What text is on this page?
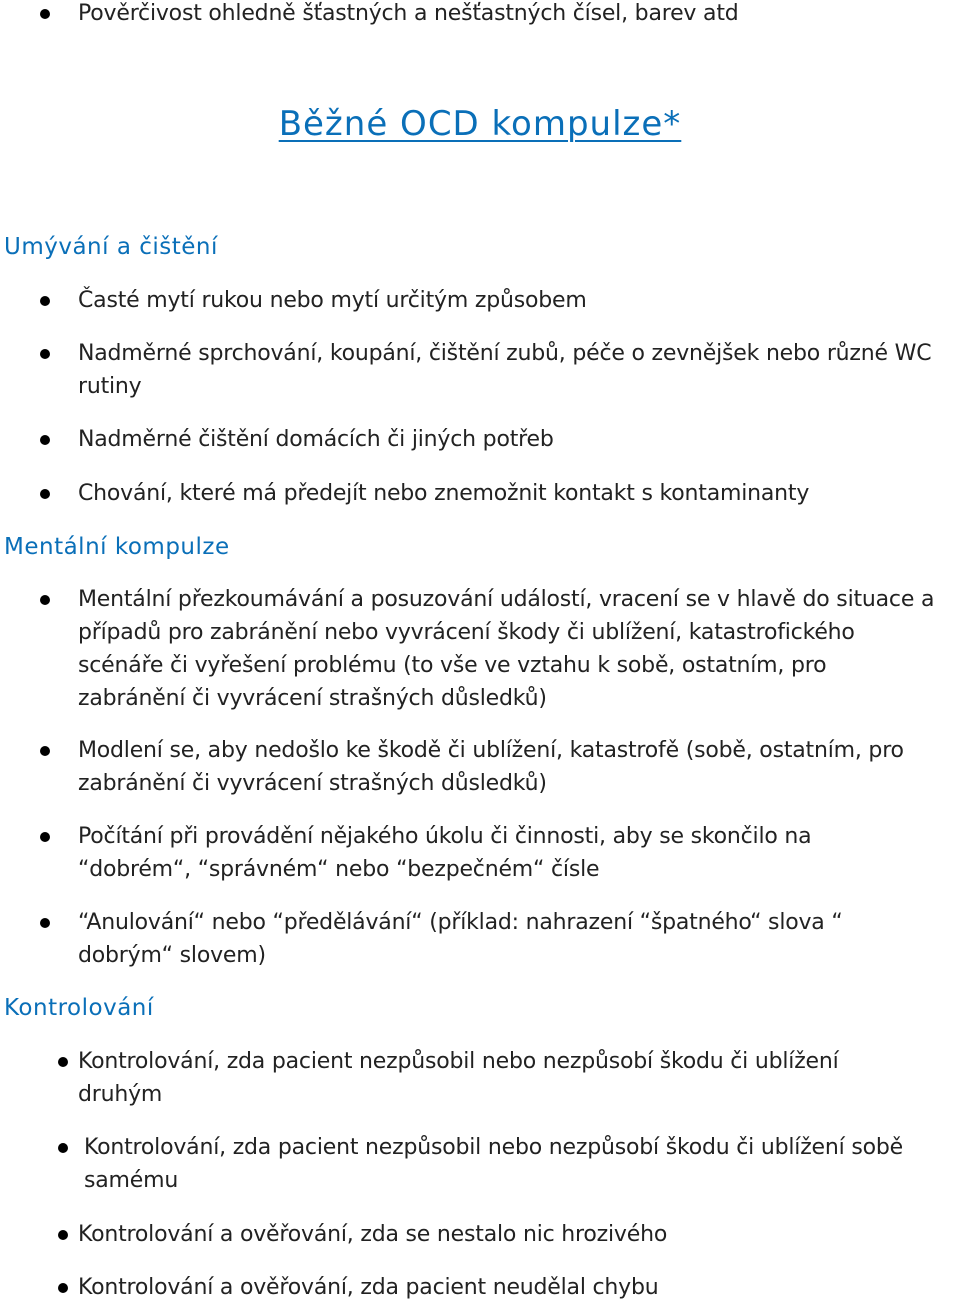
Pověrčivost ohledně šťastných a nešťastných čísel, barev atd
Běžné OCD kompulze*
Umývání a čištění
Časté mytí rukou nebo mytí určitým způsobem
Nadměrné sprchování, koupání, čištění zubů, péče o zevnějšek nebo různé WC rutiny
Nadměrné čištění domácích či jiných potřeb
Chování, které má předejít nebo znemožnit kontakt s kontaminanty
Mentální kompulze
Mentální přezkoumávání a posuzování událostí, vracení se v hlavě do situace a případů pro zabránění nebo vyvrácení škody či ublížení, katastrofického scénáře či vyřešení problému (to vše ve vztahu k sobě, ostatním, pro zabránění či vyvrácení strašných důsledků)
Modlení se, aby nedošlo ke škodě či ublížení, katastrofě (sobě, ostatním, pro zabránění či vyvrácení strašných důsledků)
Počítání při provádění nějakého úkolu či činnosti, aby se skončilo na “dobrém“, “správném“ nebo “bezpečném“ čísle
“Anulování“ nebo “předělávání“ (příklad: nahrazení “špatného“ slova “ dobrým“ slovem)
Kontrolování
Kontrolování, zda pacient nezpůsobil nebo nezpůsobí škodu či ublížení druhým
Kontrolování, zda pacient nezpůsobil nebo nezpůsobí škodu či ublížení sobě samému
Kontrolování a ověřování, zda se nestalo nic hrozivého
Kontrolování a ověřování, zda pacient neudělal chybu
